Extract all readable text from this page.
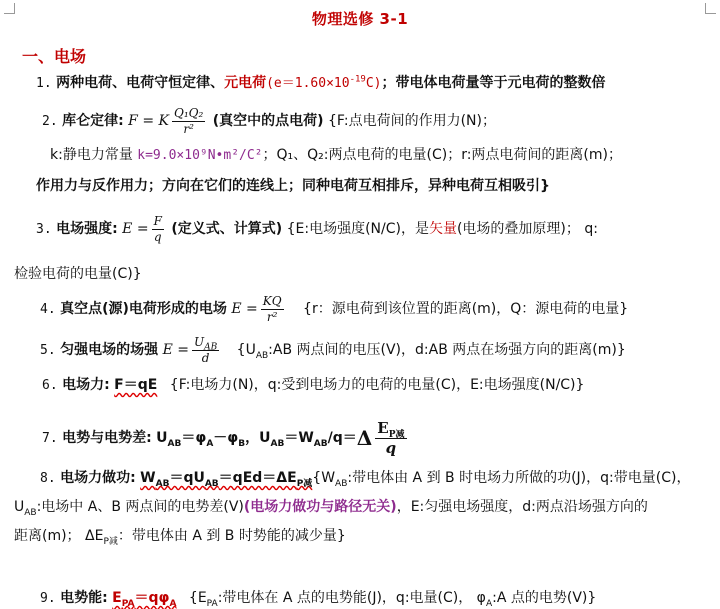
物理选修 3-1
一、电场
1. 两种电荷、电荷守恒定律、元电荷$(e=1.60\times 10^{-19}C)$；带电体电荷量等于元电荷的整数倍
2. 库仑定律: F = K $\frac{\text{Q₁Q₂}}{\text{r²}}$ (真空中的点电荷) {F:点电荷间的作用力(N)；
k:静电力常量 k=9.0×10⁹N•m²/C²；Q₁、Q₂:两点电荷的电量(C)；r:两点电荷间的距离(m)；
作用力与反作用力；方向在它们的连线上；同种电荷互相排斥，异种电荷互相吸引}
3. 电场强度: $E = \frac{F}{q}$ (定义式、计算式) {E:电场强度(N/C)，是矢量(电场的叠加原理)； q:
检验电荷的电量(C)}
4. 真空点(源)电荷形成的电场 $E = \frac{KQ}{\text{r²}} \{r$：源电荷到该位置的距离(m)，Q：源电荷的电量}
5. 匀强电场的场强 $E = \frac{U_{AB}}{d}$ {$U_{AB}:AB$ 两点间的电压(V)，d:AB 两点在场强方向的距离(m)}
6. 电场力: F＝qE {F:电场力(N)，q:受到电场力的电荷的电量(C)，E:电场强度(N/C)}
7. 电势与电势差: $U_{AB}=\varphi_A-\varphi_B$，$U_{AB}=W_{AB}/q=\Delta \frac{E_{P减}}{q}$
8. 电场力做功: $W_{AB}=qU_{AB}=qEd=\Delta E_{P减}\{W_{AB}$:带电体由 A 到 B 时电场力所做的功(J)，q:带电量(C)，
$U_{AB}$:电场中 A、B 两点间的电势差(V)(电场力做功与路径无关)，E:匀强电场强度，d:两点沿场强方向的
距离(m)； $\Delta E_{P减}$：带电体由 A 到 B 时势能的减少量}
9. 电势能: $E_{PA}=q\varphi_A$ {$E_{PA}$:带电体在 A 点的电势能(J)，q:电量(C)， $\varphi_A:A$ 点的电势(V)}
